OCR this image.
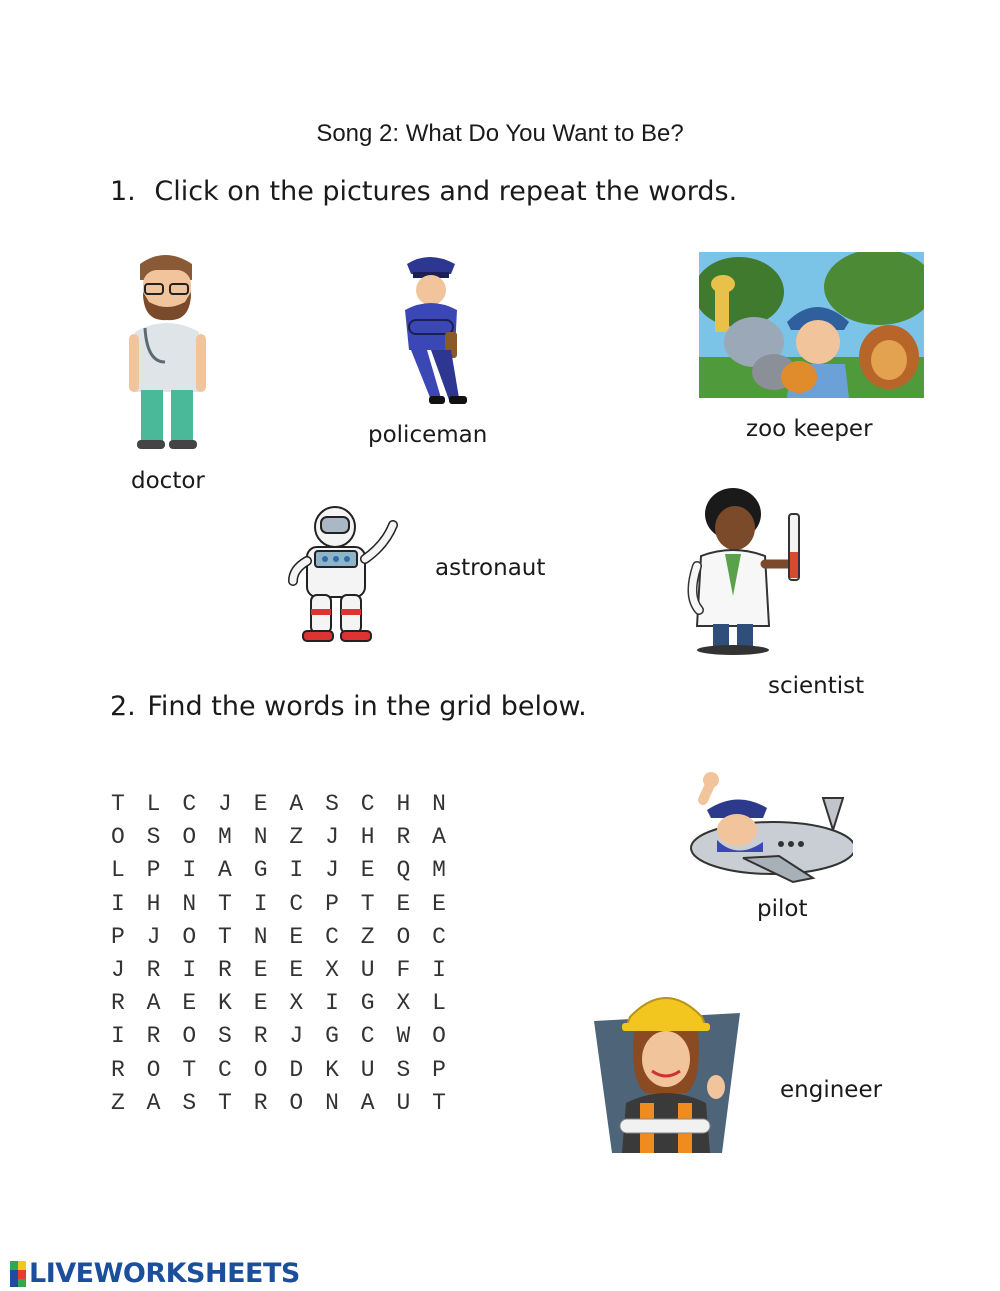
Song 2: What Do You Want to Be?
1. Click on the pictures and repeat the words.
doctor
policeman	zoo keeper
astronaut
scientist
2. Find the words in the grid below.
T L C J E A S C H N
O S O M N Z J H R A
L P I A G I J E Q M
I H N T I C P T E E
P J O T N E C Z O C
J R I R E E X U F I
R A E K E X I G X L
I R O S R J G C W O
R O T C O D K U S P
Z A S T R O N A U T
pilot
engineer
LIVEWORKSHEETS
